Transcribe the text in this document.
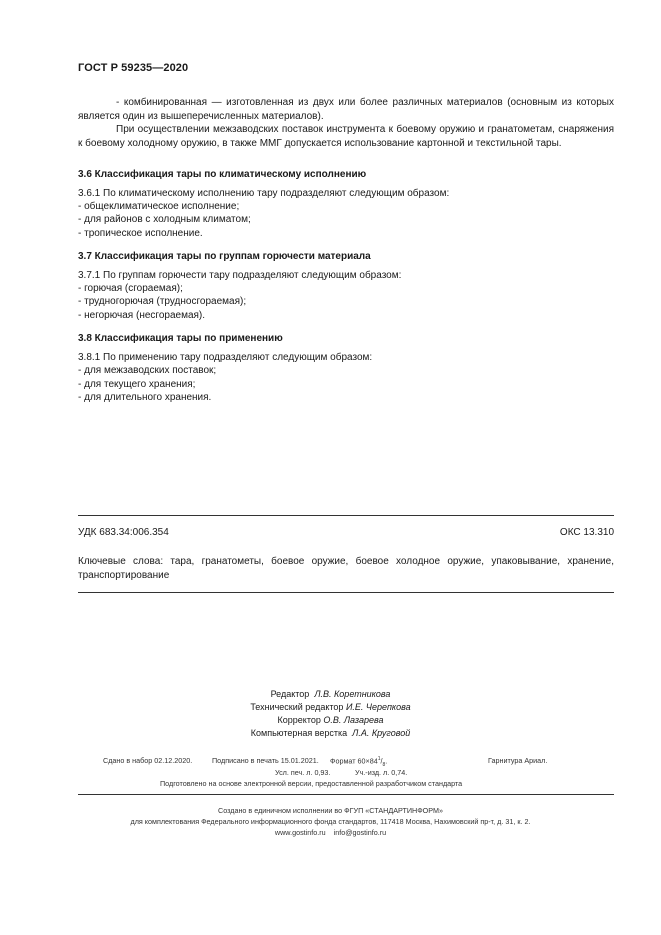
ГОСТ Р 59235—2020

- комбинированная — изготовленная из двух или более различных материалов (основным из которых является один из вышеперечисленных материалов).

При осуществлении межзаводских поставок инструмента к боевому оружию и гранатометам, снаряжения к боевому холодному оружию, в также ММГ допускается использование картонной и текстильной тары.

3.6 Классификация тары по климатическому исполнению
3.6.1 По климатическому исполнению тару подразделяют следующим образом:
- общеклиматическое исполнение;
- для районов с холодным климатом;
- тропическое исполнение.
3.7 Классификация тары по группам горючести материала
3.7.1 По группам горючести тару подразделяют следующим образом:
- горючая (сгораемая);
- трудногорючая (трудносгораемая);
- негорючая (несгораемая).
3.8 Классификация тары по применению
3.8.1 По применению тару подразделяют следующим образом:
- для межзаводских поставок;
- для текущего хранения;
- для длительного хранения.
УДК 683.34:006.354	ОКС 13.310
Ключевые слова: тара, гранатометы, боевое оружие, боевое холодное оружие, упаковывание, хранение, транспортирование
Редактор Л.В. Коретникова
Технический редактор И.Е. Черепкова
Корректор О.В. Лазарева
Компьютерная верстка Л.А. Круговой
Сдано в набор 02.12.2020.	Подписано в печать 15.01.2021. Формат $60\times 84^1/_8$.	Гарнитура Ариал.
Усл. печ. л. 0,93.	Уч.-изд. л. 0,74.
Подготовлено на основе электронной версии, предоставленной разработчиком стандарта
Создано в единичном исполнении во ФГУП «СТАНДАРТИНФОРМ»
для комплектования Федерального информационного фонда стандартов, 117418 Москва, Нахимовский пр-т, д. 31, к. 2.
www.gostinfo.ru info@gostinfo.ru
